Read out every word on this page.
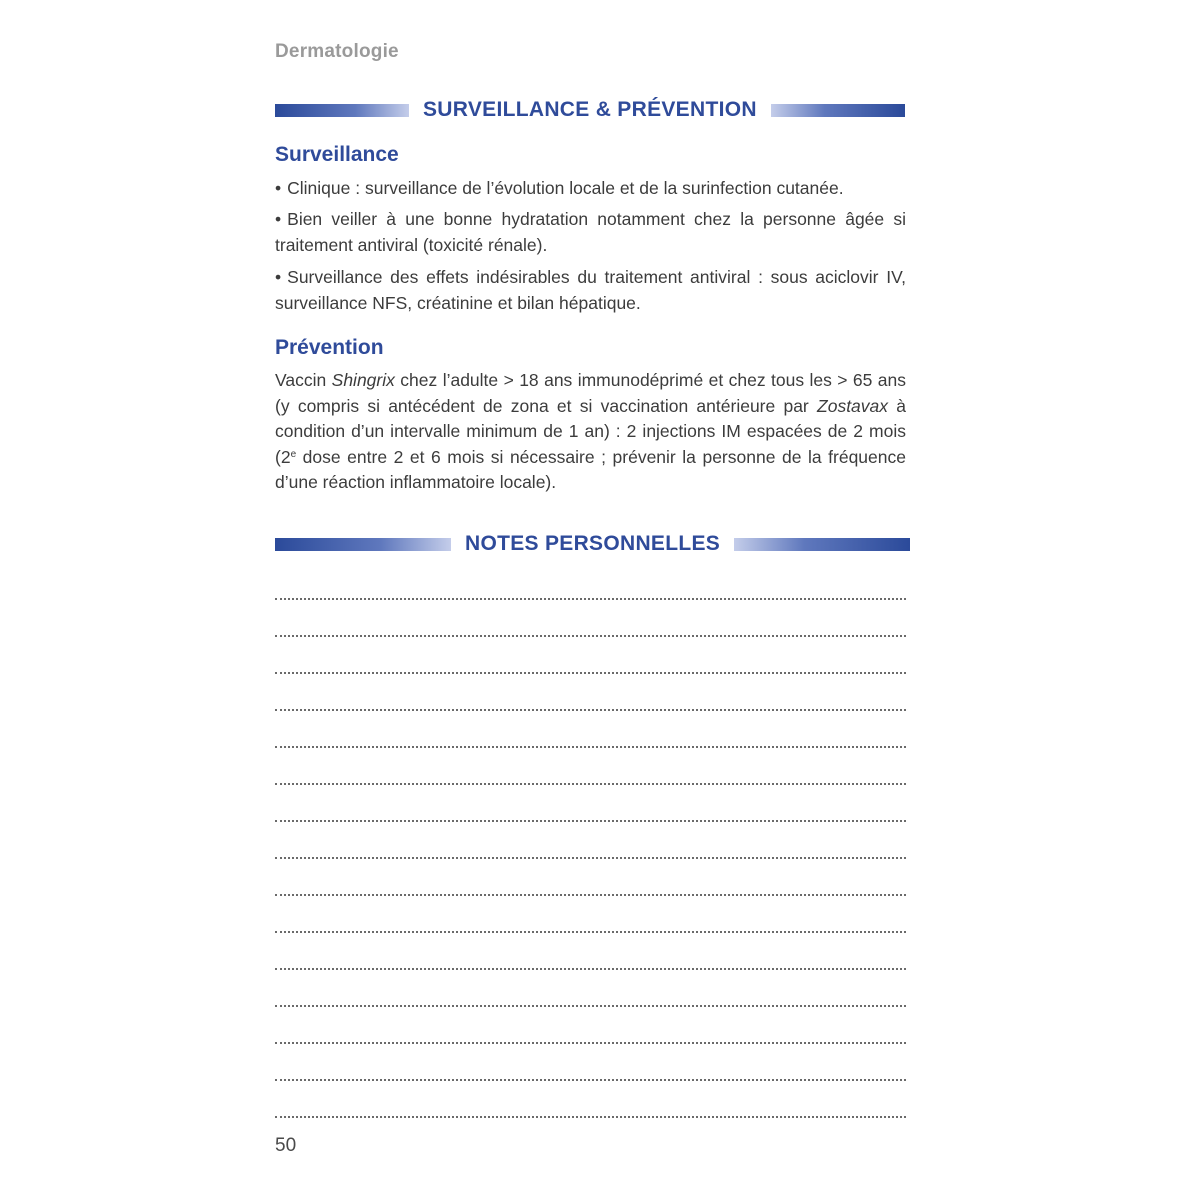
Dermatologie
SURVEILLANCE & PRÉVENTION
Surveillance
• Clinique : surveillance de l’évolution locale et de la surinfection cutanée.
• Bien veiller à une bonne hydratation notamment chez la personne âgée si traitement antiviral (toxicité rénale).
• Surveillance des effets indésirables du traitement antiviral : sous aciclovir IV, surveillance NFS, créatinine et bilan hépatique.
Prévention
Vaccin Shingrix chez l’adulte > 18 ans immunodéprimé et chez tous les > 65 ans (y compris si antécédent de zona et si vaccination antérieure par Zostavax à condition d’un intervalle minimum de 1 an) : 2 injections IM espacées de 2 mois (2e dose entre 2 et 6 mois si nécessaire ; prévenir la personne de la fréquence d’une réaction inflammatoire locale).
NOTES PERSONNELLES
50
